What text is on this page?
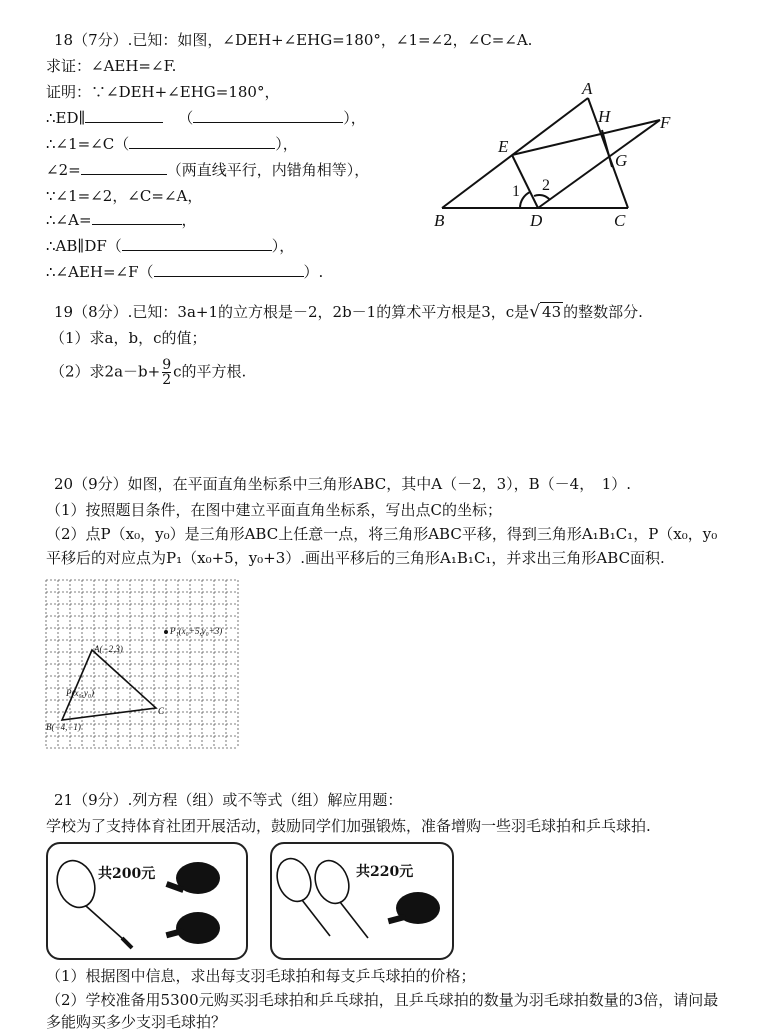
18（7分）.已知：如图，∠DEH+∠EHG=180°，∠1=∠2，∠C=∠A.
求证：∠AEH=∠F.
证明：∵∠DEH+∠EHG=180°，
∴ED∥	（	），
∴∠1=∠C（	），
∠2=	（两直线平行，内错角相等），
∵∠1=∠2，∠C=∠A，
∴∠A=	，
∴AB∥DF（	），
∴∠AEH=∠F（	）.
A
H	F
E
G
B	D	C
1 2
19（8分）.已知：3a+1的立方根是－2，2b－1的算术平方根是3，c是√ 43 的整数部分.
（1）求a，b，c的值；
（2）求$2a-b+ \frac{9}{2}$ c的平方根.
20（9分）如图，在平面直角坐标系中三角形ABC，其中A（－2，3），B（－4，　1）.
（1）按照题目条件，在图中建立平面直角坐标系，写出点C的坐标；
（2）点P（x₀，y₀）是三角形ABC上任意一点，将三角形ABC平移，得到三角形A₁B₁C₁，P（x₀，y₀
平移后的对应点为P₁（x₀+5，y₀+3）.画出平移后的三角形A₁B₁C₁，并求出三角形ABC面积.
P₁(x₀+5,y₀+3)
A(−2,3)
P(x₀,y₀)
C
B(−4,−1)
21（9分）.列方程（组）或不等式（组）解应用题：
学校为了支持体育社团开展活动，鼓励同学们加强锻炼，准备增购一些羽毛球拍和乒乓球拍.
共200元	共220元
（1）根据图中信息，求出每支羽毛球拍和每支乒乓球拍的价格；
（2）学校准备用5300元购买羽毛球拍和乒乓球拍，且乒乓球拍的数量为羽毛球拍数量的3倍，请问最
多能购买多少支羽毛球拍？
